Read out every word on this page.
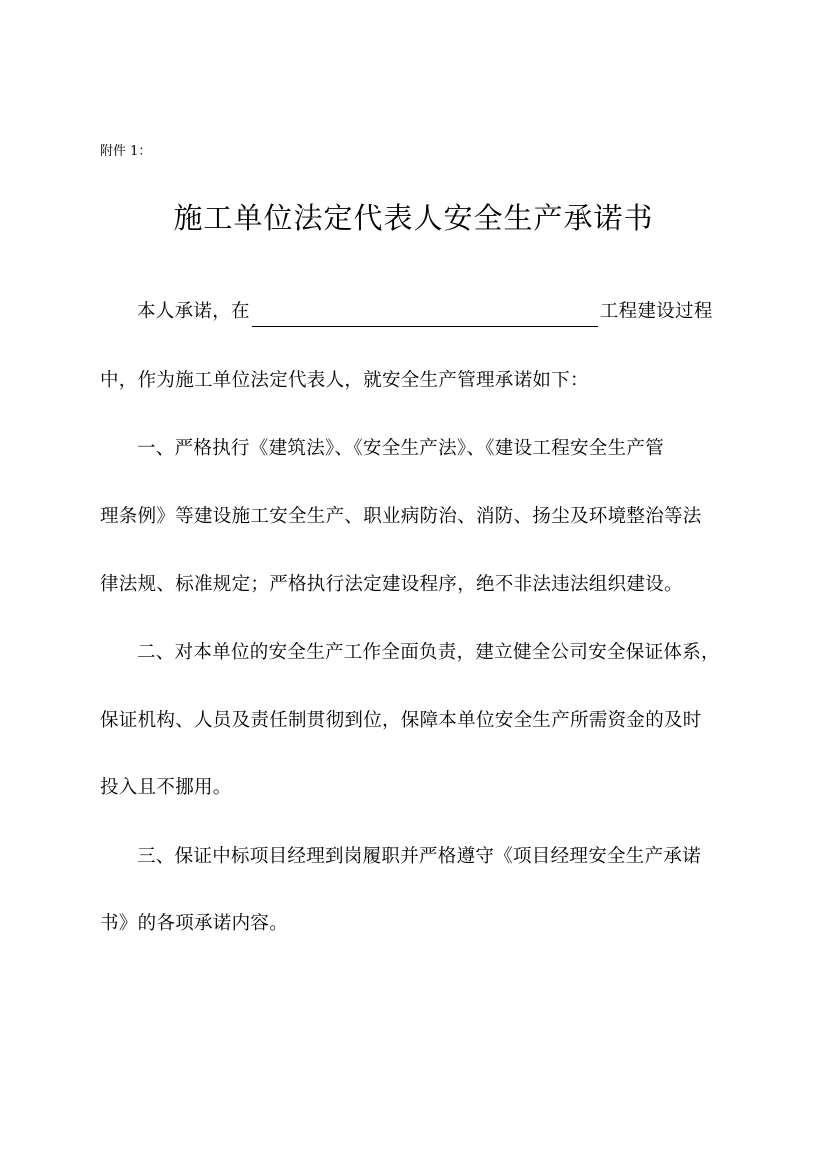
附件 1：
施工单位法定代表人安全生产承诺书
本人承诺，在	工程建设过程
中，作为施工单位法定代表人，就安全生产管理承诺如下：
一、严格执行《建筑法》、《安全生产法》、《建设工程安全生产管
理条例》等建设施工安全生产、职业病防治、消防、扬尘及环境整治等法
律法规、标准规定；严格执行法定建设程序，绝不非法违法组织建设。
二、对本单位的安全生产工作全面负责，建立健全公司安全保证体系，
保证机构、人员及责任制贯彻到位，保障本单位安全生产所需资金的及时
投入且不挪用。
三、保证中标项目经理到岗履职并严格遵守《项目经理安全生产承诺
书》的各项承诺内容。
